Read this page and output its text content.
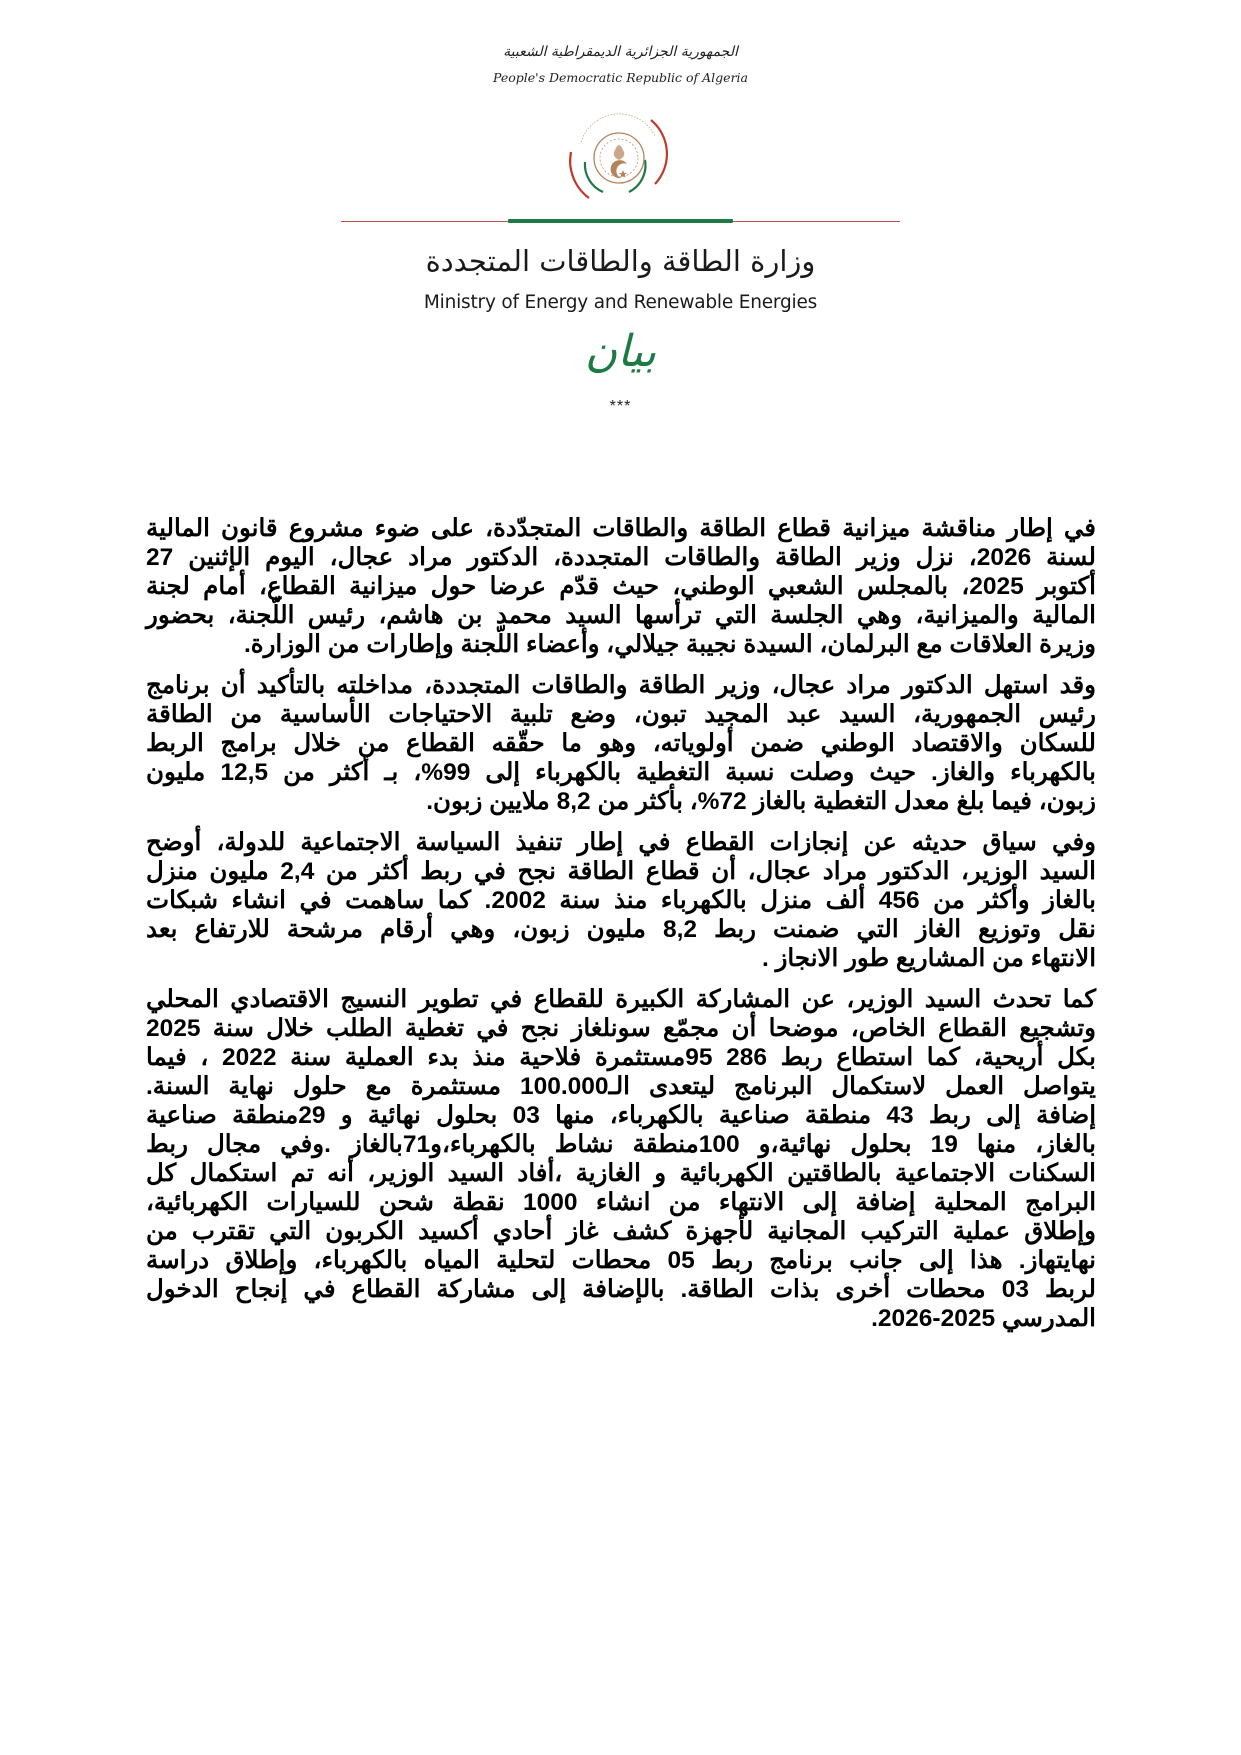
الجمهورية الجزائرية الديمقراطية الشعبية
People's Democratic Republic of Algeria
وزارة الطاقة والطاقات المتجددة
Ministry of Energy and Renewable Energies
بيان
***

في إطار مناقشة ميزانية قطاع الطاقة والطاقات المتجدّدة، على ضوء مشروع قانون المالية
لسنة 2026، نزل وزير الطاقة والطاقات المتجددة، الدكتور مراد عجال، اليوم الإثنين 27
أكتوبر 2025، بالمجلس الشعبي الوطني، حيث قدّم عرضا حول ميزانية القطاع، أمام لجنة
المالية والميزانية، وهي الجلسة التي ترأسها السيد محمد بن هاشم، رئيس اللّجنة، بحضور
وزيرة العلاقات مع البرلمان، السيدة نجيبة جيلالي، وأعضاء اللّجنة وإطارات من الوزارة.

وقد استهل الدكتور مراد عجال، وزير الطاقة والطاقات المتجددة، مداخلته بالتأكيد أن برنامج
رئيس الجمهورية، السيد عبد المجيد تبون، وضع تلبية الاحتياجات الأساسية من الطاقة
للسكان والاقتصاد الوطني ضمن أولوياته، وهو ما حقّقه القطاع من خلال برامج الربط
بالكهرباء والغاز. حيث وصلت نسبة التغطية بالكهرباء إلى 99%، بـ أكثر من 12,5 مليون
زبون، فيما بلغ معدل التغطية بالغاز 72%، بأكثر من 8,2 ملايين زبون.

وفي سياق حديثه عن إنجازات القطاع في إطار تنفيذ السياسة الاجتماعية للدولة، أوضح
السيد الوزير، الدكتور مراد عجال، أن قطاع الطاقة نجح في ربط أكثر من 2,4 مليون منزل
بالغاز وأكثر من 456 ألف منزل بالكهرباء منذ سنة 2002. كما ساهمت في انشاء شبكات
نقل وتوزيع الغاز التي ضمنت ربط 8,2 مليون زبون، وهي أرقام مرشحة للارتفاع بعد
الانتهاء من المشاريع طور الانجاز .

كما تحدث السيد الوزير، عن المشاركة الكبيرة للقطاع في تطوير النسيج الاقتصادي المحلي
وتشجيع القطاع الخاص، موضحا أن مجمّع سونلغاز نجح في تغطية الطلب خلال سنة 2025
بكل أريحية، كما استطاع ربط 286 95مستثمرة فلاحية منذ بدء العملية سنة 2022 ، فيما
يتواصل العمل لاستكمال البرنامج ليتعدى الـ100.000 مستثمرة مع حلول نهاية السنة.
إضافة إلى ربط 43 منطقة صناعية بالكهرباء، منها 03 بحلول نهائية و 29منطقة صناعية
بالغاز، منها 19 بحلول نهائية،و 100منطقة نشاط بالكهرباء،و71بالغاز .وفي مجال ربط
السكنات الاجتماعية بالطاقتين الكهربائية و الغازية ،أفاد السيد الوزير، أنه تم استكمال كل
البرامج المحلية إضافة إلى الانتهاء من انشاء 1000 نقطة شحن للسيارات الكهربائية،
وإطلاق عملية التركيب المجانية لأجهزة كشف غاز أحادي أكسيد الكربون التي تقترب من
نهايتهاز. هذا إلى جانب برنامج ربط 05 محطات لتحلية المياه بالكهرباء، وإطلاق دراسة
لربط 03 محطات أخرى بذات الطاقة. بالإضافة إلى مشاركة القطاع في إنجاح الدخول
المدرسي 2025-2026.
